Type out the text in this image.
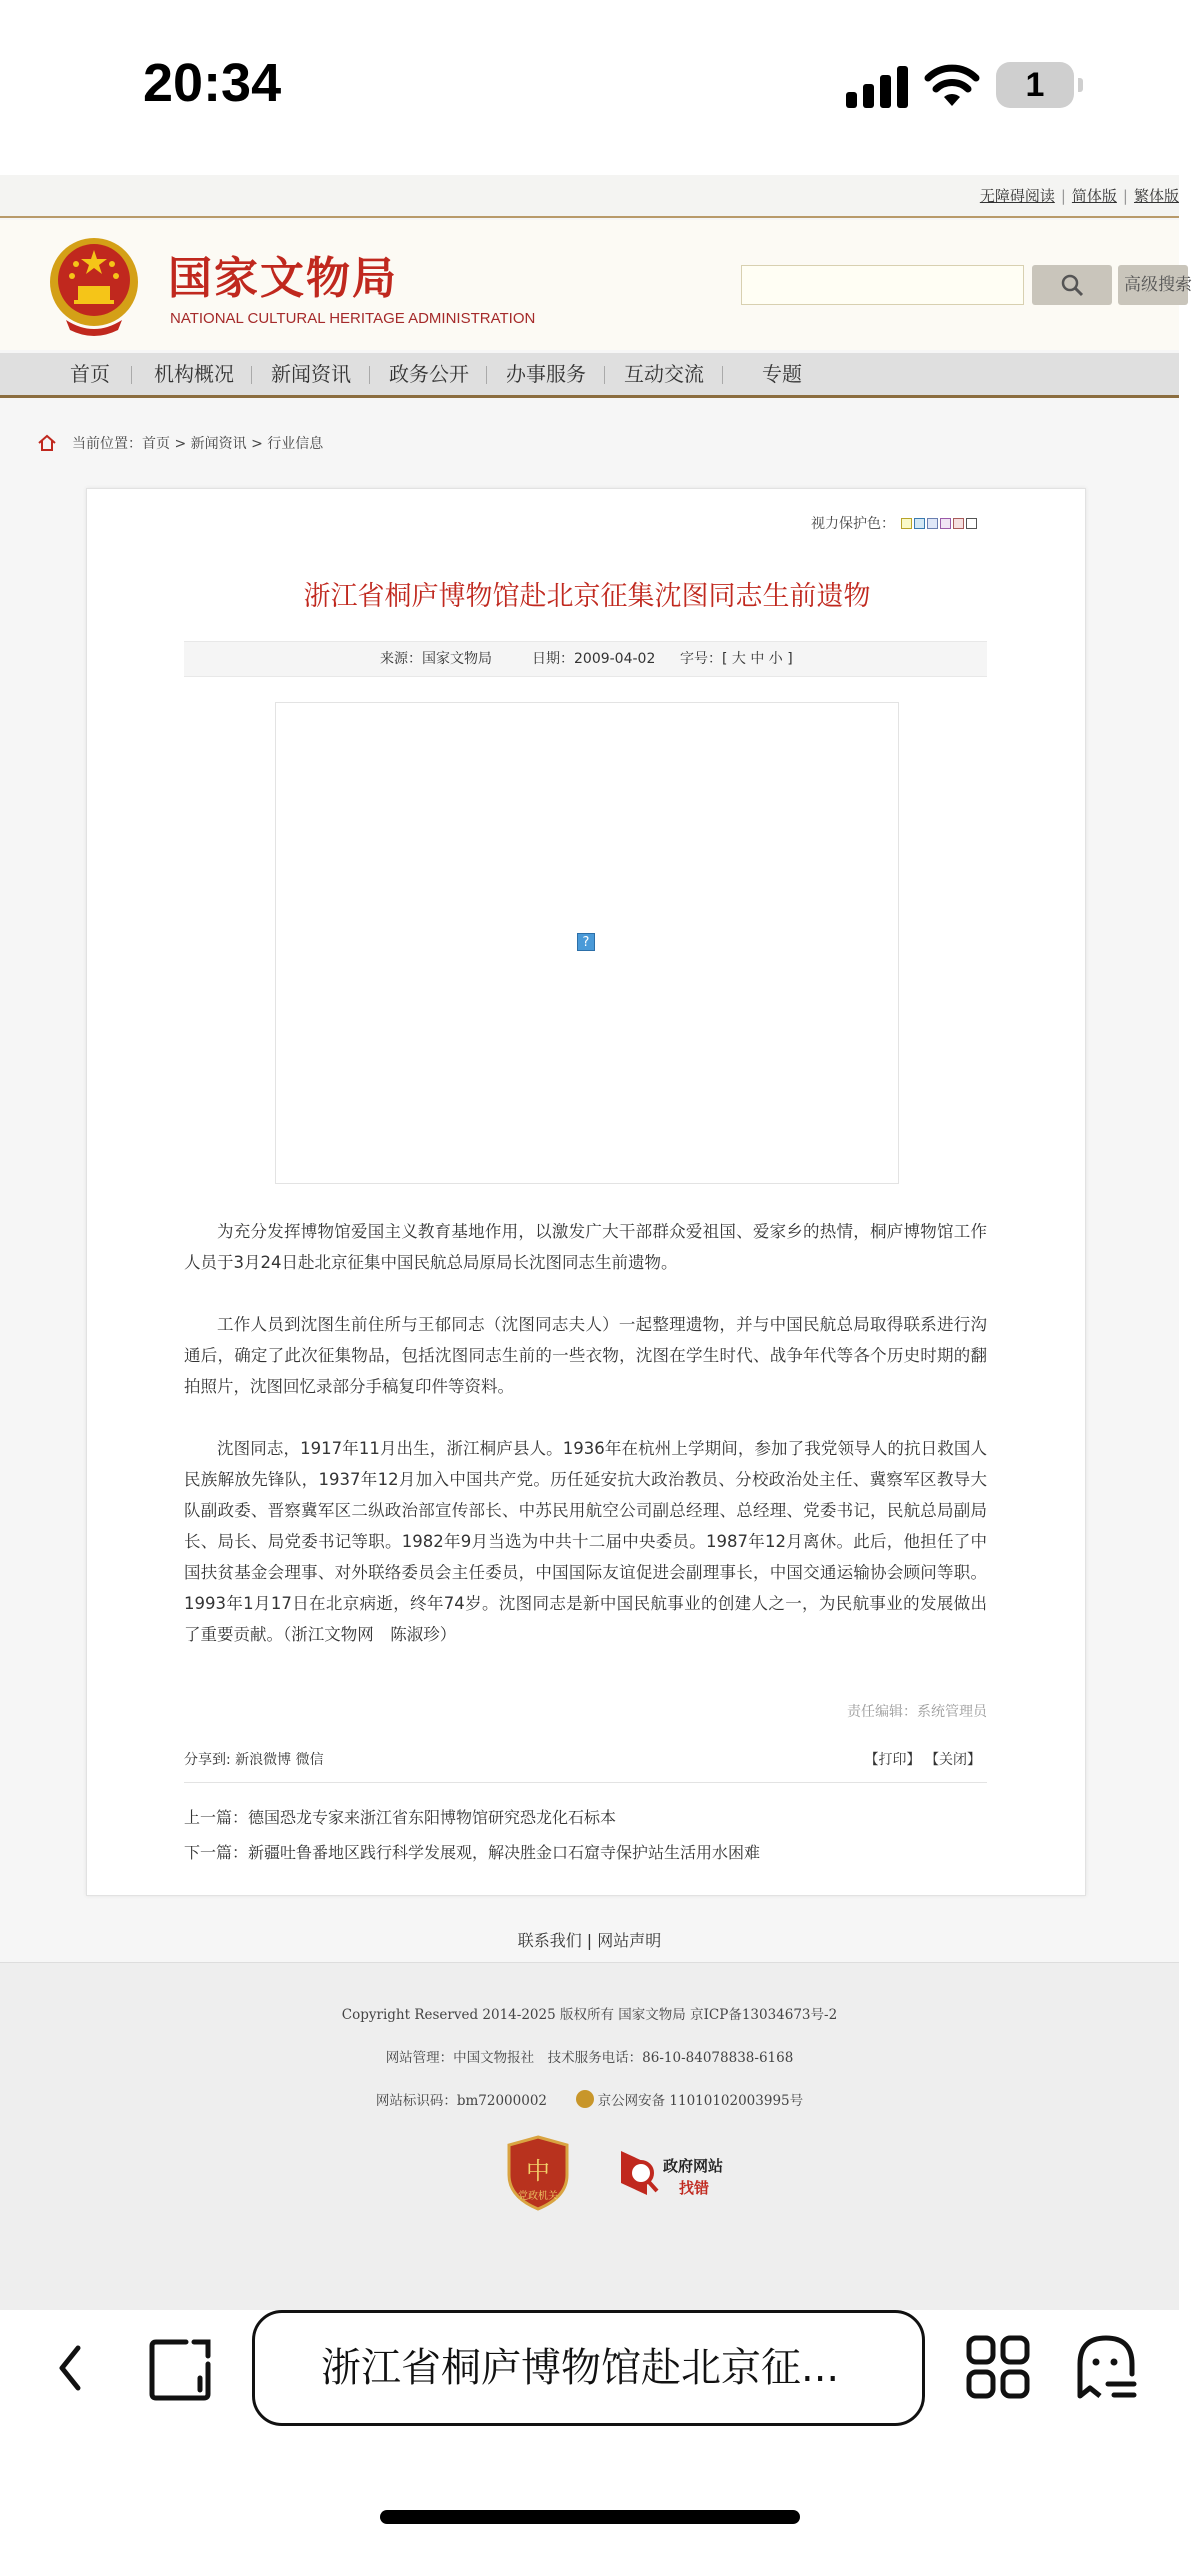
20:34	1
无障碍阅读 | 简体版 | 繁体版
国家文物局
NATIONAL CULTURAL HERITAGE ADMINISTRATION
高级搜索
首页 机构概况 新闻资讯 政务公开 办事服务 互动交流	专题
当前位置：首页 > 新闻资讯 > 行业信息
视力保护色：
浙江省桐庐博物馆赴北京征集沈图同志生前遗物
来源：国家文物局	日期：2009-04-02 字号：[ 大 中 小 ]
?
为充分发挥博物馆爱国主义教育基地作用，以激发广大干部群众爱祖国、爱家乡的热情，桐庐博物馆工作人员于3月24日赴北京征集中国民航总局原局长沈图同志生前遗物。
工作人员到沈图生前住所与王郁同志（沈图同志夫人）一起整理遗物，并与中国民航总局取得联系进行沟通后，确定了此次征集物品，包括沈图同志生前的一些衣物，沈图在学生时代、战争年代等各个历史时期的翻拍照片，沈图回忆录部分手稿复印件等资料。
沈图同志，1917年11月出生，浙江桐庐县人。1936年在杭州上学期间，参加了我党领导人的抗日救国人民族解放先锋队，1937年12月加入中国共产党。历任延安抗大政治教员、分校政治处主任、冀察军区教导大队副政委、晋察冀军区二纵政治部宣传部长、中苏民用航空公司副总经理、总经理、党委书记，民航总局副局长、局长、局党委书记等职。1982年9月当选为中共十二届中央委员。1987年12月离休。此后，他担任了中国扶贫基金会理事、对外联络委员会主任委员，中国国际友谊促进会副理事长，中国交通运输协会顾问等职。1993年1月17日在北京病逝，终年74岁。沈图同志是新中国民航事业的创建人之一，为民航事业的发展做出了重要贡献。（浙江文物网　陈淑珍）
责任编辑：系统管理员
分享到: 新浪微博 微信	【打印】 【关闭】
上一篇：德国恐龙专家来浙江省东阳博物馆研究恐龙化石标本
下一篇：新疆吐鲁番地区践行科学发展观，解决胜金口石窟寺保护站生活用水困难
联系我们 | 网站声明
Copyright Reserved 2014-2025 版权所有 国家文物局 京ICP备13034673号-2
网站管理：中国文物报社　技术服务电话：86-10-84078838-6168
网站标识码：bm72000002	京公网安备 11010102003995号
中
党政机关
政府网站
找错
浙江省桐庐博物馆赴北京征...
